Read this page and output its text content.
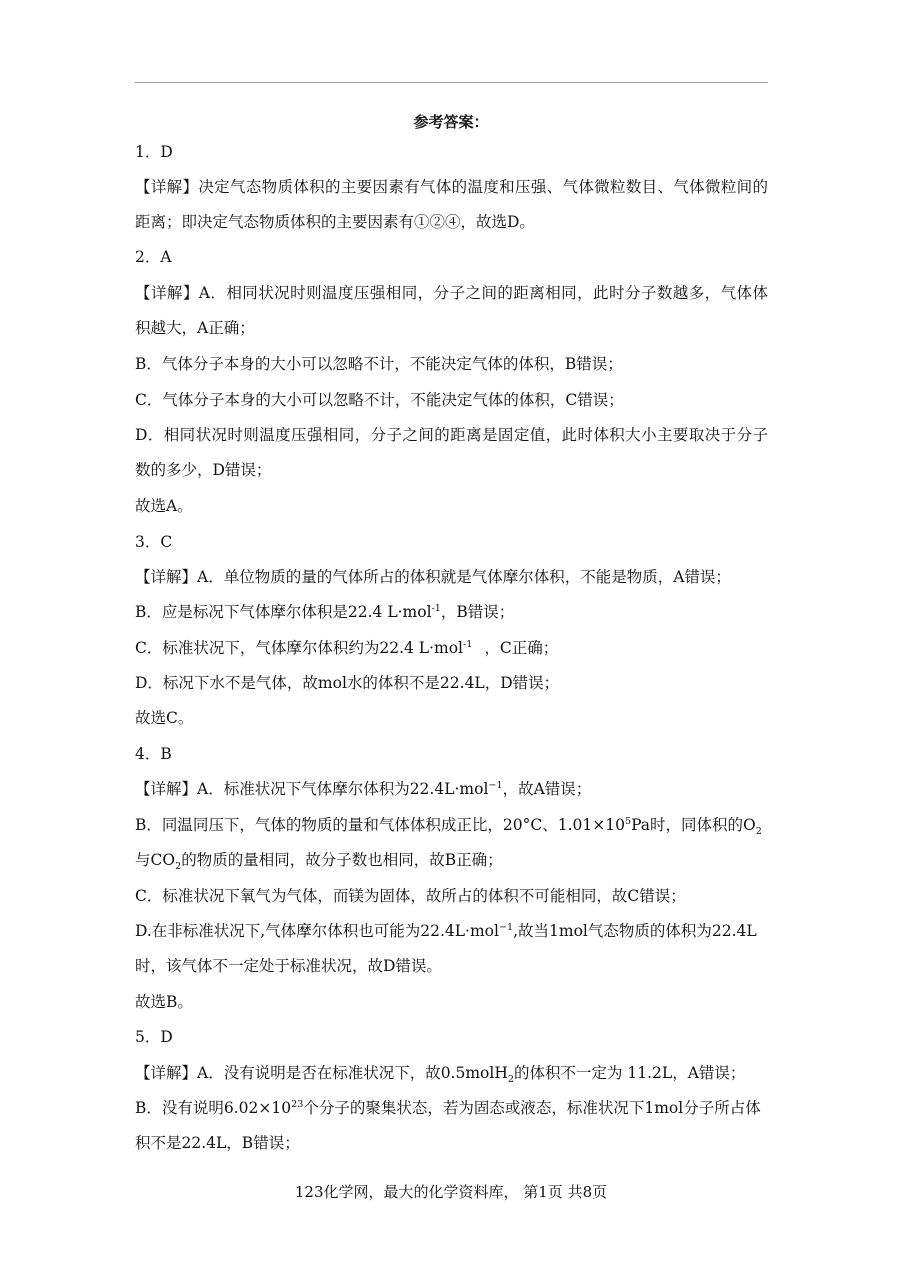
参考答案：
1．D
【详解】决定气态物质体积的主要因素有气体的温度和压强、气体微粒数目、气体微粒间的
距离；即决定气态物质体积的主要因素有①②④，故选D。
2．A
【详解】A．相同状况时则温度压强相同，分子之间的距离相同，此时分子数越多，气体体
积越大，A正确；
B．气体分子本身的大小可以忽略不计，不能决定气体的体积，B错误；
C．气体分子本身的大小可以忽略不计，不能决定气体的体积，C错误；
D．相同状况时则温度压强相同，分子之间的距离是固定值，此时体积大小主要取决于分子
数的多少，D错误；
故选A。
3．C
【详解】A．单位物质的量的气体所占的体积就是气体摩尔体积，不能是物质，A错误；
B．应是标况下气体摩尔体积是22.4 L·mol$^{-1}$，B错误；
C．标准状况下，气体摩尔体积约为22.4 L·mol$^{-1}$ ，C正确；
D．标况下水不是气体，故mol水的体积不是22.4L，D错误；
故选C。
4．B
【详解】A．标准状况下气体摩尔体积为22.4L·mol$^{-1}$，故A错误；
B．同温同压下，气体的物质的量和气体体积成正比，20°C、$1.01\times 10^5Pa$时，同体积的$O_2$
与$CO_2$的物质的量相同，故分子数也相同，故B正确；
C．标准状况下氧气为气体，而镁为固体，故所占的体积不可能相同，故C错误；
D.在非标准状况下,气体摩尔体积也可能为22.4L·mol$^{-1}$,故当1mol气态物质的体积为22.4L
时，该气体不一定处于标准状况，故D错误。
故选B。
5．D
【详解】A．没有说明是否在标准状况下，故0.5molH$_2$的体积不一定为 11.2L，A错误；
B．没有说明$6.02\times 10^{23}$个分子的聚集状态，若为固态或液态，标准状况下1mol分子所占体
积不是22.4L，B错误；
123化学网，最大的化学资料库， 第1页 共8页
